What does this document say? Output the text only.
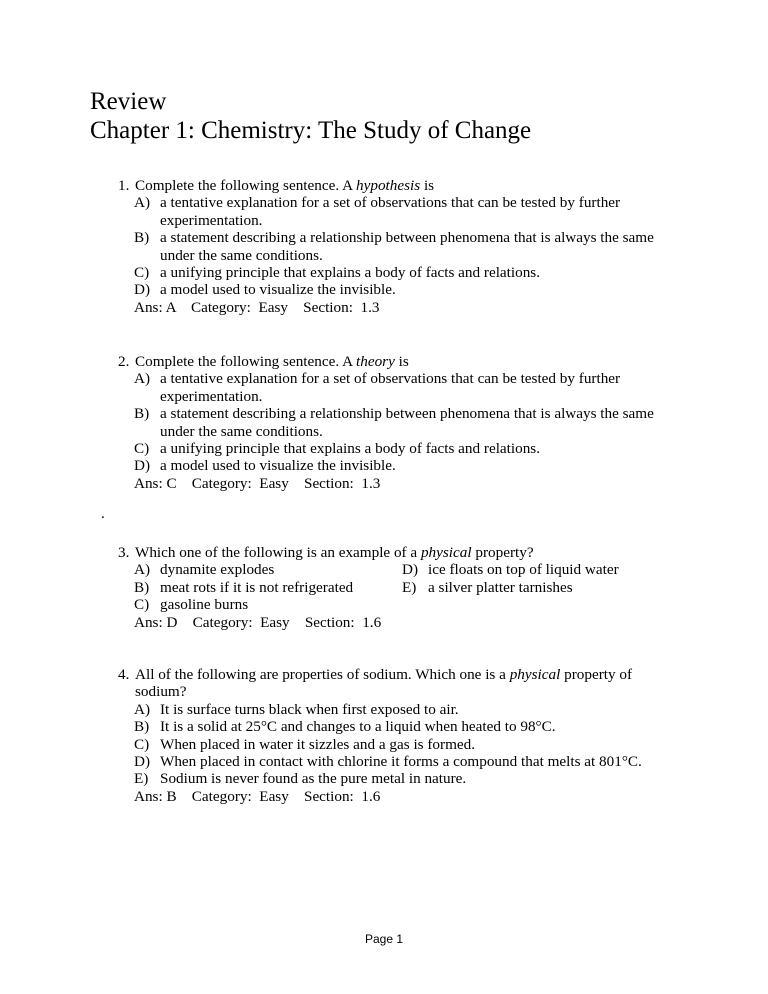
Review
Chapter 1: Chemistry: The Study of Change
1. Complete the following sentence. A hypothesis is
A) a tentative explanation for a set of observations that can be tested by further experimentation.
B) a statement describing a relationship between phenomena that is always the same under the same conditions.
C) a unifying principle that explains a body of facts and relations.
D) a model used to visualize the invisible.
Ans: A    Category:  Easy    Section:  1.3
2. Complete the following sentence. A theory is
A) a tentative explanation for a set of observations that can be tested by further experimentation.
B) a statement describing a relationship between phenomena that is always the same under the same conditions.
C) a unifying principle that explains a body of facts and relations.
D) a model used to visualize the invisible.
Ans: C    Category:  Easy    Section:  1.3
.
3. Which one of the following is an example of a physical property?
A) dynamite explodes	D) ice floats on top of liquid water
B) meat rots if it is not refrigerated	E) a silver platter tarnishes
C) gasoline burns
Ans: D    Category:  Easy    Section:  1.6
4. All of the following are properties of sodium. Which one is a physical property of sodium?
A) It is surface turns black when first exposed to air.
B) It is a solid at 25°C and changes to a liquid when heated to 98°C.
C) When placed in water it sizzles and a gas is formed.
D) When placed in contact with chlorine it forms a compound that melts at 801°C.
E) Sodium is never found as the pure metal in nature.
Ans: B    Category:  Easy    Section:  1.6
Page 1
